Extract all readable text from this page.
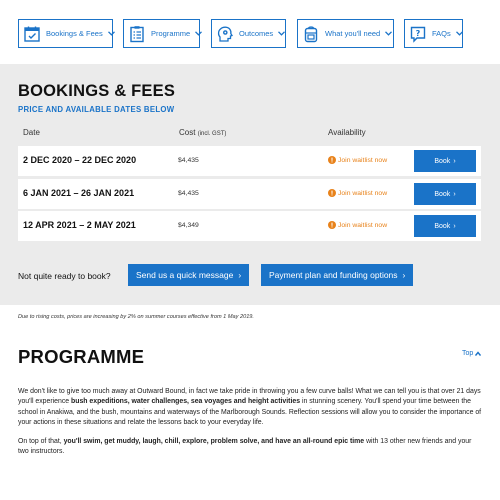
Bookings & Fees	Programme	Outcomes	What you'll need	? FAQs
BOOKINGS & FEES
PRICE AND AVAILABLE DATES BELOW
Date	Cost (incl. GST)	Availability
2 DEC 2020 – 22 DEC 2020	$4,435	Join waitlist now	Book ›
6 JAN 2021 – 26 JAN 2021	$4,435	Join waitlist now	Book ›
12 APR 2021 – 2 MAY 2021	$4,349	Join waitlist now	Book ›
Not quite ready to book?	Send us a quick message ›	Payment plan and funding options ›
Due to rising costs, prices are increasing by 2% on summer courses effective from 1 May 2019.
PROGRAMME	Top
We don't like to give too much away at Outward Bound, in fact we take pride in throwing you a few curve balls! What we can tell you is that over 21 days you'll experience bush expeditions, water challenges, sea voyages and height activities in stunning scenery. You'll spend your time between the school in Anakiwa, and the bush, mountains and waterways of the Marlborough Sounds. Reflection sessions will allow you to consider the importance of your actions in these situations and relate the lessons back to your everyday life.
On top of that, you'll swim, get muddy, laugh, chill, explore, problem solve, and have an all-round epic time with 13 other new friends and your two instructors.
